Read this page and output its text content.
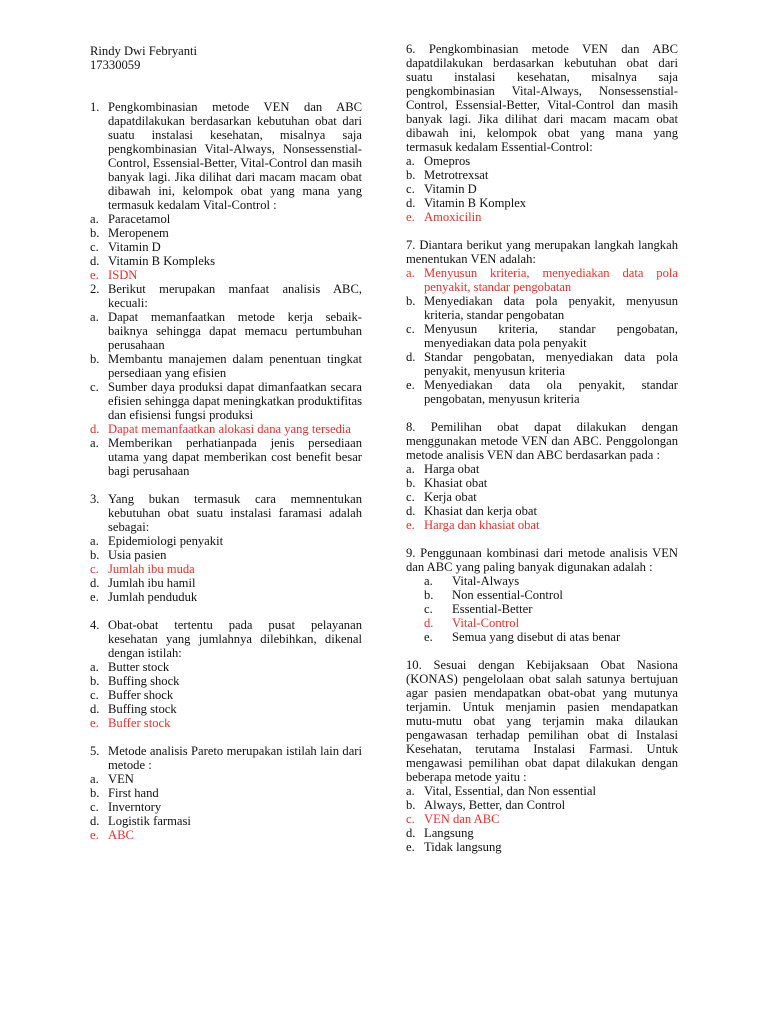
Rindy Dwi Febryanti
17330059
1. Pengkombinasian metode VEN dan ABC dapatdilakukan berdasarkan kebutuhan obat dari suatu instalasi kesehatan, misalnya saja pengkombinasian Vital-Always, Nonsessenstial-Control, Essensial-Better, Vital-Control dan masih banyak lagi. Jika dilihat dari macam macam obat dibawah ini, kelompok obat yang mana yang termasuk kedalam Vital-Control :
a. Paracetamol
b. Meropenem
c. Vitamin D
d. Vitamin B Kompleks
e. ISDN
2. Berikut merupakan manfaat analisis ABC, kecuali:
a. Dapat memanfaatkan metode kerja sebaik-baiknya sehingga dapat memacu pertumbuhan perusahaan
b. Membantu manajemen dalam penentuan tingkat persediaan yang efisien
c. Sumber daya produksi dapat dimanfaatkan secara efisien sehingga dapat meningkatkan produktifitas dan efisiensi fungsi produksi
d. Dapat memanfaatkan alokasi dana yang tersedia
a. Memberikan perhatianpada jenis persediaan utama yang dapat memberikan cost benefit besar bagi perusahaan
3. Yang bukan termasuk cara memnentukan kebutuhan obat suatu instalasi faramasi adalah sebagai:
a. Epidemiologi penyakit
b. Usia pasien
c. Jumlah ibu muda
d. Jumlah ibu hamil
e. Jumlah penduduk
4. Obat-obat tertentu pada pusat pelayanan kesehatan yang jumlahnya dilebihkan, dikenal dengan istilah:
a. Butter stock
b. Buffing shock
c. Buffer shock
d. Buffing stock
e. Buffer stock
5. Metode analisis Pareto merupakan istilah lain dari metode :
a. VEN
b. First hand
c. Inverntory
d. Logistik farmasi
e. ABC
6. Pengkombinasian metode VEN dan ABC dapatdilakukan berdasarkan kebutuhan obat dari suatu instalasi kesehatan, misalnya saja pengkombinasian Vital-Always, Nonsessenstial-Control, Essensial-Better, Vital-Control dan masih banyak lagi. Jika dilihat dari macam macam obat dibawah ini, kelompok obat yang mana yang termasuk kedalam Essential-Control:
a. Omepros
b. Metrotrexsat
c. Vitamin D
d. Vitamin B Komplex
e. Amoxicilin
7. Diantara berikut yang merupakan langkah langkah menentukan VEN adalah:
a. Menyusun kriteria, menyediakan data pola penyakit, standar pengobatan
b. Menyediakan data pola penyakit, menyusun kriteria, standar pengobatan
c. Menyusun kriteria, standar pengobatan, menyediakan data pola penyakit
d. Standar pengobatan, menyediakan data pola penyakit, menyusun kriteria
e. Menyediakan data ola penyakit, standar pengobatan, menyusun kriteria
8. Pemilihan obat dapat dilakukan dengan menggunakan metode VEN dan ABC. Penggolongan metode analisis VEN dan ABC berdasarkan pada :
a. Harga obat
b. Khasiat obat
c. Kerja obat
d. Khasiat dan kerja obat
e. Harga dan khasiat obat
9. Penggunaan kombinasi dari metode analisis VEN dan ABC yang paling banyak digunakan adalah :
a. Vital-Always
b. Non essential-Control
c. Essential-Better
d. Vital-Control
e. Semua yang disebut di atas benar
10. Sesuai dengan Kebijaksaan Obat Nasiona (KONAS) pengelolaan obat salah satunya bertujuan agar pasien mendapatkan obat-obat yang mutunya terjamin. Untuk menjamin pasien mendapatkan mutu-mutu obat yang terjamin maka dilaukan pengawasan terhadap pemilihan obat di Instalasi Kesehatan, terutama Instalasi Farmasi. Untuk mengawasi pemilihan obat dapat dilakukan dengan beberapa metode yaitu :
a. Vital, Essential, dan Non essential
b. Always, Better, dan Control
c. VEN dan ABC
d. Langsung
e. Tidak langsung
